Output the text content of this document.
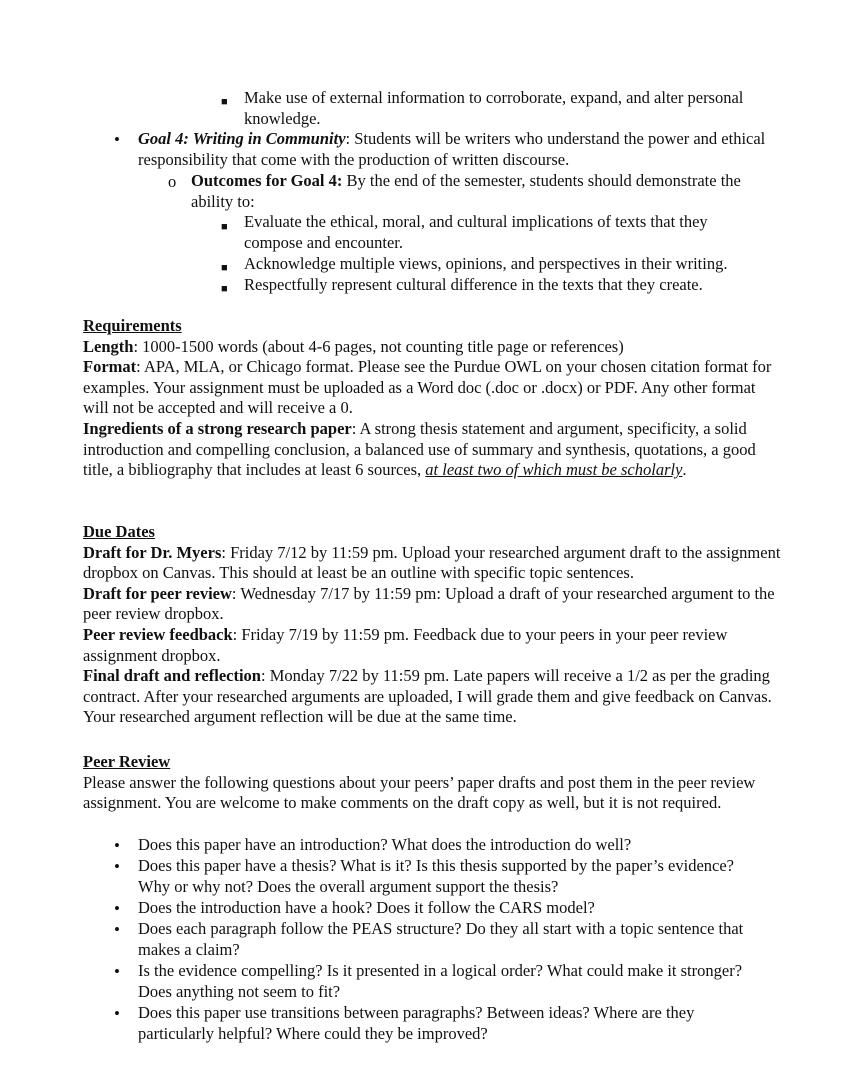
■ Make use of external information to corroborate, expand, and alter personal knowledge.
• Goal 4: Writing in Community: Students will be writers who understand the power and ethical responsibility that come with the production of written discourse.
o Outcomes for Goal 4: By the end of the semester, students should demonstrate the ability to:
■ Evaluate the ethical, moral, and cultural implications of texts that they compose and encounter.
■ Acknowledge multiple views, opinions, and perspectives in their writing.
■ Respectfully represent cultural difference in the texts that they create.
Requirements
Length: 1000-1500 words (about 4-6 pages, not counting title page or references)
Format: APA, MLA, or Chicago format. Please see the Purdue OWL on your chosen citation format for examples. Your assignment must be uploaded as a Word doc (.doc or .docx) or PDF. Any other format will not be accepted and will receive a 0.
Ingredients of a strong research paper: A strong thesis statement and argument, specificity, a solid introduction and compelling conclusion, a balanced use of summary and synthesis, quotations, a good title, a bibliography that includes at least 6 sources, at least two of which must be scholarly.
Due Dates
Draft for Dr. Myers: Friday 7/12 by 11:59 pm. Upload your researched argument draft to the assignment dropbox on Canvas. This should at least be an outline with specific topic sentences.
Draft for peer review: Wednesday 7/17 by 11:59 pm: Upload a draft of your researched argument to the peer review dropbox.
Peer review feedback: Friday 7/19 by 11:59 pm. Feedback due to your peers in your peer review assignment dropbox.
Final draft and reflection: Monday 7/22 by 11:59 pm. Late papers will receive a 1/2 as per the grading contract. After your researched arguments are uploaded, I will grade them and give feedback on Canvas. Your researched argument reflection will be due at the same time.
Peer Review
Please answer the following questions about your peers’ paper drafts and post them in the peer review assignment. You are welcome to make comments on the draft copy as well, but it is not required.
• Does this paper have an introduction? What does the introduction do well?
• Does this paper have a thesis? What is it? Is this thesis supported by the paper’s evidence? Why or why not? Does the overall argument support the thesis?
• Does the introduction have a hook? Does it follow the CARS model?
• Does each paragraph follow the PEAS structure? Do they all start with a topic sentence that makes a claim?
• Is the evidence compelling? Is it presented in a logical order? What could make it stronger? Does anything not seem to fit?
• Does this paper use transitions between paragraphs? Between ideas? Where are they particularly helpful? Where could they be improved?
